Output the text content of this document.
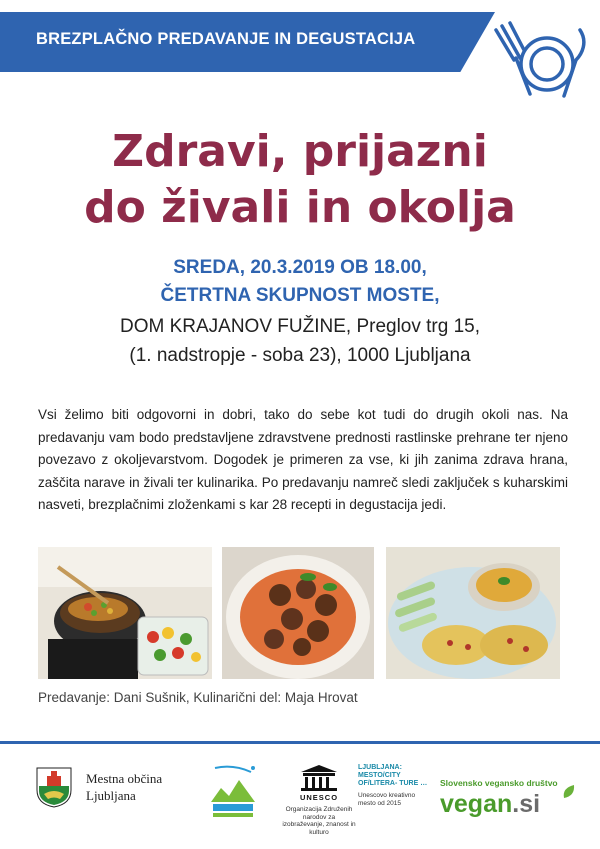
BREZPLAČNO PREDAVANJE IN DEGUSTACIJA
Zdravi, prijazni
do živali in okolja
SREDA, 20.3.2019 OB 18.00,
ČETRTNA SKUPNOST MOSTE,
DOM KRAJANOV FUŽINE, Preglov trg 15,
(1. nadstropje - soba 23), 1000 Ljubljana
Vsi želimo biti odgovorni in dobri, tako do sebe kot tudi do drugih okoli nas. Na predavanju vam bodo predstavljene zdravstvene prednosti rastlinske prehrane ter njeno povezavo z okoljevarstvom. Dogodek je primeren za vse, ki jih zanima zdrava hrana, zaščita narave in živali ter kulinarika. Po predavanju namreč sledi zaključek s kuharskimi nasveti, brezplačnimi zloženkami s kar 28 recepti in degustacija jedi.
Predavanje: Dani Sušnik, Kulinarični del: Maja Hrovat
Mestna občina
Ljubljana	UNESCO
Organizacija Združenih narodov za izobraževanje, znanost in kulturo
LJUBLJANA: MESTO/CITY OF/LITERA- TURE …
Unescovo kreativno mesto od 2015
Slovensko vegansko društvo
vegan.si
